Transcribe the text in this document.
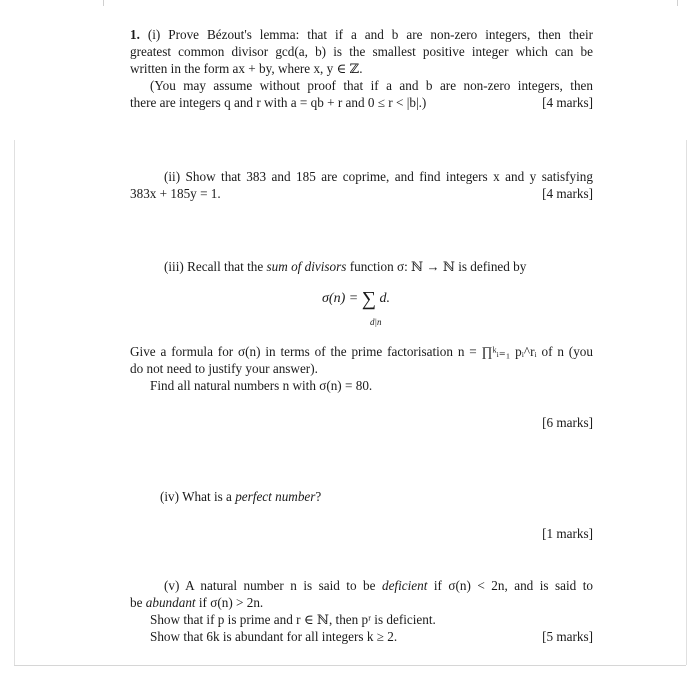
1. (i) Prove Bézout's lemma: that if a and b are non-zero integers, then their
greatest common divisor gcd(a, b) is the smallest positive integer which can be
written in the form ax + by, where x, y ∈ ℤ.
(You may assume without proof that if a and b are non-zero integers, then
there are integers q and r with a = qb + r and 0 ≤ r < |b|.)	[4 marks]
(ii) Show that 383 and 185 are coprime, and find integers x and y satisfying
383x + 185y = 1.	[4 marks]
(iii) Recall that the sum of divisors function σ: ℕ → ℕ is defined by
σ(n) = ∑ d.
d|n
Give a formula for σ(n) in terms of the prime factorisation n = ∏ᵏᵢ₌₁ pᵢ^rᵢ of n (you
do not need to justify your answer).
Find all natural numbers n with σ(n) = 80.
[6 marks]
(iv) What is a perfect number?
[1 marks]
(v) A natural number n is said to be deficient if σ(n) < 2n, and is said to
be abundant if σ(n) > 2n.
Show that if p is prime and r ∈ ℕ, then pʳ is deficient.
Show that 6k is abundant for all integers k ≥ 2.	[5 marks]
